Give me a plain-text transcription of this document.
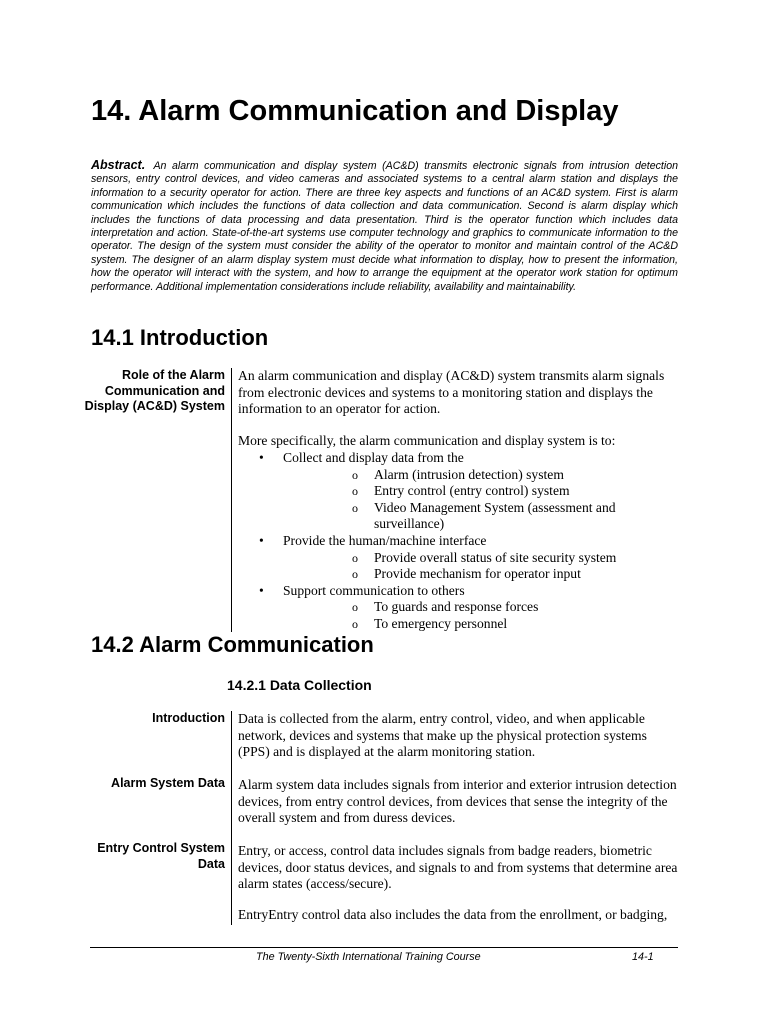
14. Alarm Communication and Display

Abstract. An alarm communication and display system (AC&D) transmits electronic signals from intrusion detection sensors, entry control devices, and video cameras and associated systems to a central alarm station and displays the information to a security operator for action. There are three key aspects and functions of an AC&D system. First is alarm communication which includes the functions of data collection and data communication. Second is alarm display which includes the functions of data processing and data presentation. Third is the operator function which includes data interpretation and action. State-of-the-art systems use computer technology and graphics to communicate information to the operator. The design of the system must consider the ability of the operator to monitor and maintain control of the AC&D system. The designer of an alarm display system must decide what information to display, how to present the information, how the operator will interact with the system, and how to arrange the equipment at the operator work station for optimum performance. Additional implementation considerations include reliability, availability and maintainability.

14.1 Introduction

Role of the Alarm Communication and Display (AC&D) System

An alarm communication and display (AC&D) system transmits alarm signals from electronic devices and systems to a monitoring station and displays the information to an operator for action.

More specifically, the alarm communication and display system is to:

• Collect and display data from the
o Alarm (intrusion detection) system
o Entry control (entry control) system
o Video Management System (assessment and surveillance)
• Provide the human/machine interface
o Provide overall status of site security system
o Provide mechanism for operator input
• Support communication to others
o To guards and response forces
o To emergency personnel
14.2 Alarm Communication
14.2.1 Data Collection

Introduction

Alarm System Data

Entry Control System Data

Data is collected from the alarm, entry control, video, and when applicable network, devices and systems that make up the physical protection systems (PPS) and is displayed at the alarm monitoring station.

Alarm system data includes signals from interior and exterior intrusion detection devices, from entry control devices, from devices that sense the integrity of the overall system and from duress devices.

Entry, or access, control data includes signals from badge readers, biometric devices, door status devices, and signals to and from systems that determine area alarm states (access/secure).

EntryEntry control data also includes the data from the enrollment, or badging,

The Twenty-Sixth International Training Course	14-1
